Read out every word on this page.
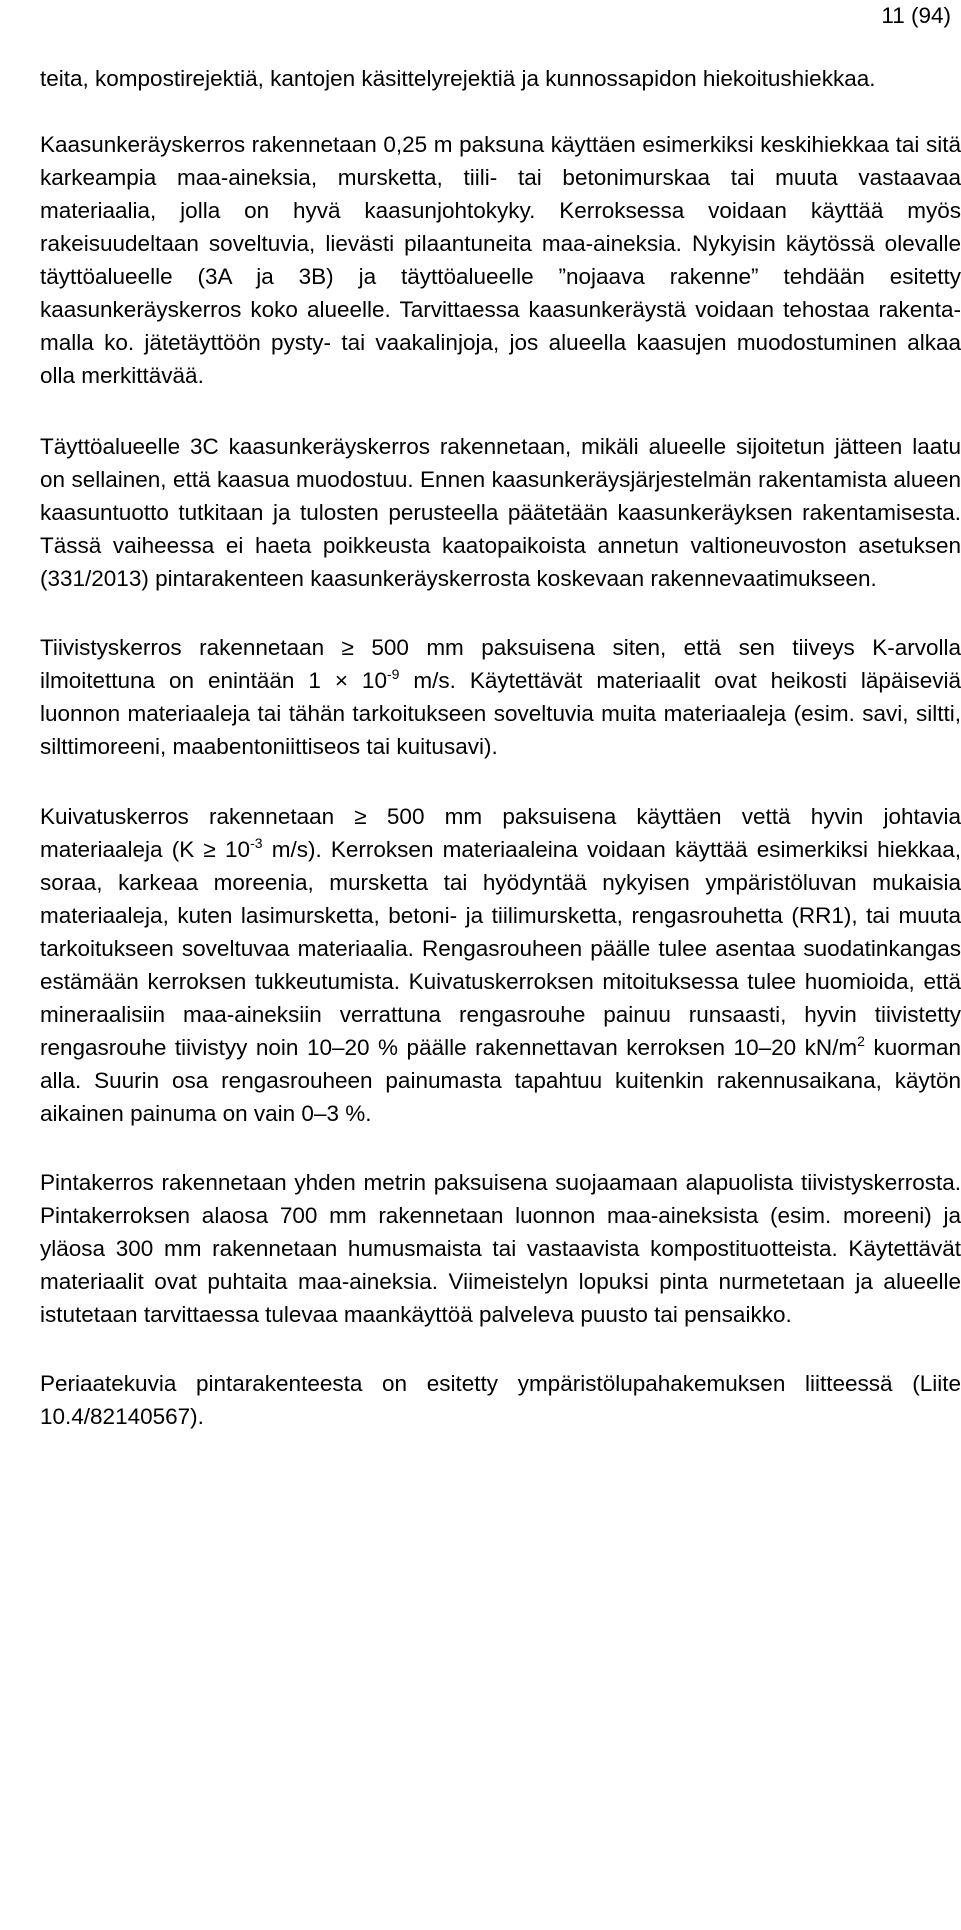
11 (94)

teita, kompostirejektiä, kantojen käsittelyrejektiä ja kunnossapidon hiekoitushiekkaa.

Kaasunkeräyskerros rakennetaan 0,25 m paksuna käyttäen esimerkiksi keskihiekkaa tai sitä karkeampia maa-aineksia, mursketta, tiili- tai betonimurskaa tai muuta vastaavaa materiaalia, jolla on hyvä kaasunjohtokyky. Kerroksessa voidaan käyttää myös rakeisuudeltaan soveltuvia, lievästi pilaantuneita maa-aineksia. Nykyisin käytössä olevalle täyttöalueelle (3A ja 3B) ja täyttöalueelle ”nojaava rakenne” tehdään esitetty kaasunkeräyskerros koko alueelle. Tarvittaessa kaasunkeräystä voidaan tehostaa rakentamalla ko. jätetäyttöön pysty- tai vaakalinjoja, jos alueella kaasujen muodostuminen alkaa olla merkittävää.

Täyttöalueelle 3C kaasunkeräyskerros rakennetaan, mikäli alueelle sijoitetun jätteen laatu on sellainen, että kaasua muodostuu. Ennen kaasunkeräysjärjestelmän rakentamista alueen kaasuntuotto tutkitaan ja tulosten perusteella päätetään kaasunkeräyksen rakentamisesta. Tässä vaiheessa ei haeta poikkeusta kaatopaikoista annetun valtioneuvoston asetuksen (331/2013) pintarakenteen kaasunkeräyskerrosta koskevaan rakennevaatimukseen.

Tiivistyskerros rakennetaan ≥ 500 mm paksuisena siten, että sen tiiveys K-arvolla ilmoitettuna on enintään $1 \times 10^{-9}$ m/s. Käytettävät materiaalit ovat heikosti läpäiseviä luonnon materiaaleja tai tähän tarkoitukseen soveltuvia muita materiaaleja (esim. savi, siltti, silttimoreeni, maabentoniittiseos tai kuitusavi).

Kuivatuskerros rakennetaan ≥ 500 mm paksuisena käyttäen vettä hyvin johtavia materiaaleja ($K \ge 10^{-3}$ m/s). Kerroksen materiaaleina voidaan käyttää esimerkiksi hiekkaa, soraa, karkeaa moreenia, mursketta tai hyödyntää nykyisen ympäristöluvan mukaisia materiaaleja, kuten lasimursketta, betoni- ja tiilimursketta, rengasrouhetta (RR1), tai muuta tarkoitukseen soveltuvaa materiaalia. Rengasrouheen päälle tulee asentaa suodatinkangas estämään kerroksen tukkeutumista. Kuivatuskerroksen mitoituksessa tulee huomioida, että mineraalisiin maa-aineksiin verrattuna rengasrouhe painuu runsaasti, hyvin tiivistetty rengasrouhe tiivistyy noin 10–20 % päälle rakennettavan kerroksen 10–20 $kN/m^2$ kuorman alla. Suurin osa rengasrouheen painumasta tapahtuu kuitenkin rakennusaikana, käytön aikainen painuma on vain 0–3 %.

Pintakerros rakennetaan yhden metrin paksuisena suojaamaan alapuolista tiivistyskerrosta. Pintakerroksen alaosa 700 mm rakennetaan luonnon maa-aineksista (esim. moreeni) ja yläosa 300 mm rakennetaan humusmaista tai vastaavista kompostituotteista. Käytettävät materiaalit ovat puhtaita maa-aineksia. Viimeistelyn lopuksi pinta nurmetetaan ja alueelle istutetaan tarvittaessa tulevaa maankäyttöä palveleva puusto tai pensaikko.

Periaatekuvia pintarakenteesta on esitetty ympäristölupahakemuksen liitteessä (Liite 10.4/82140567).
